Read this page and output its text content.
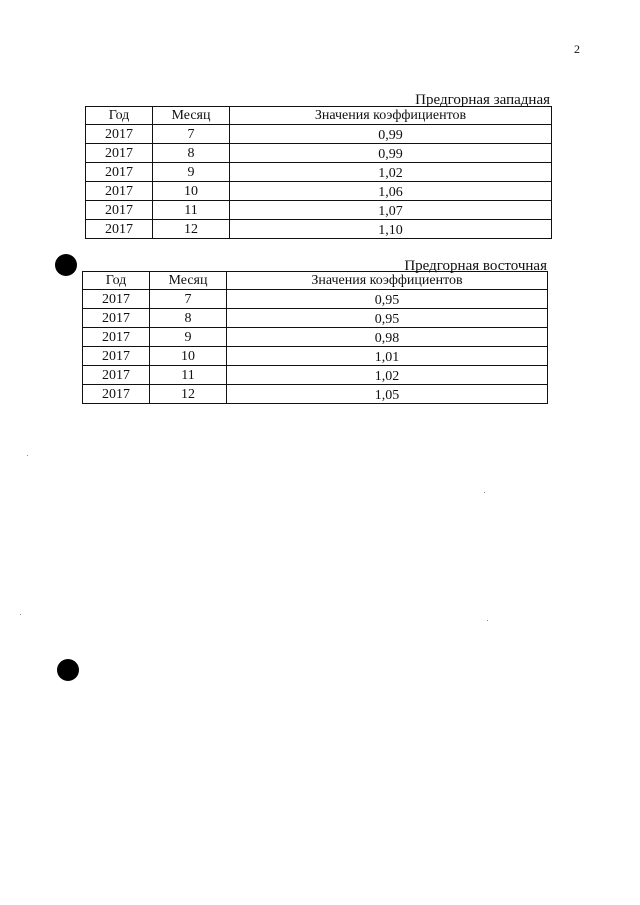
2
Предгорная западная
Год	Месяц	Значения коэффициентов
2017	7	0,99
2017	8	0,99
2017	9	1,02
2017	10	1,06
2017	11	1,07
2017	12	1,10
Предгорная восточная
Год	Месяц	Значения коэффициентов
2017	7	0,95
2017	8	0,95
2017	9	0,98
2017	10	1,01
2017	11	1,02
2017	12	1,05
